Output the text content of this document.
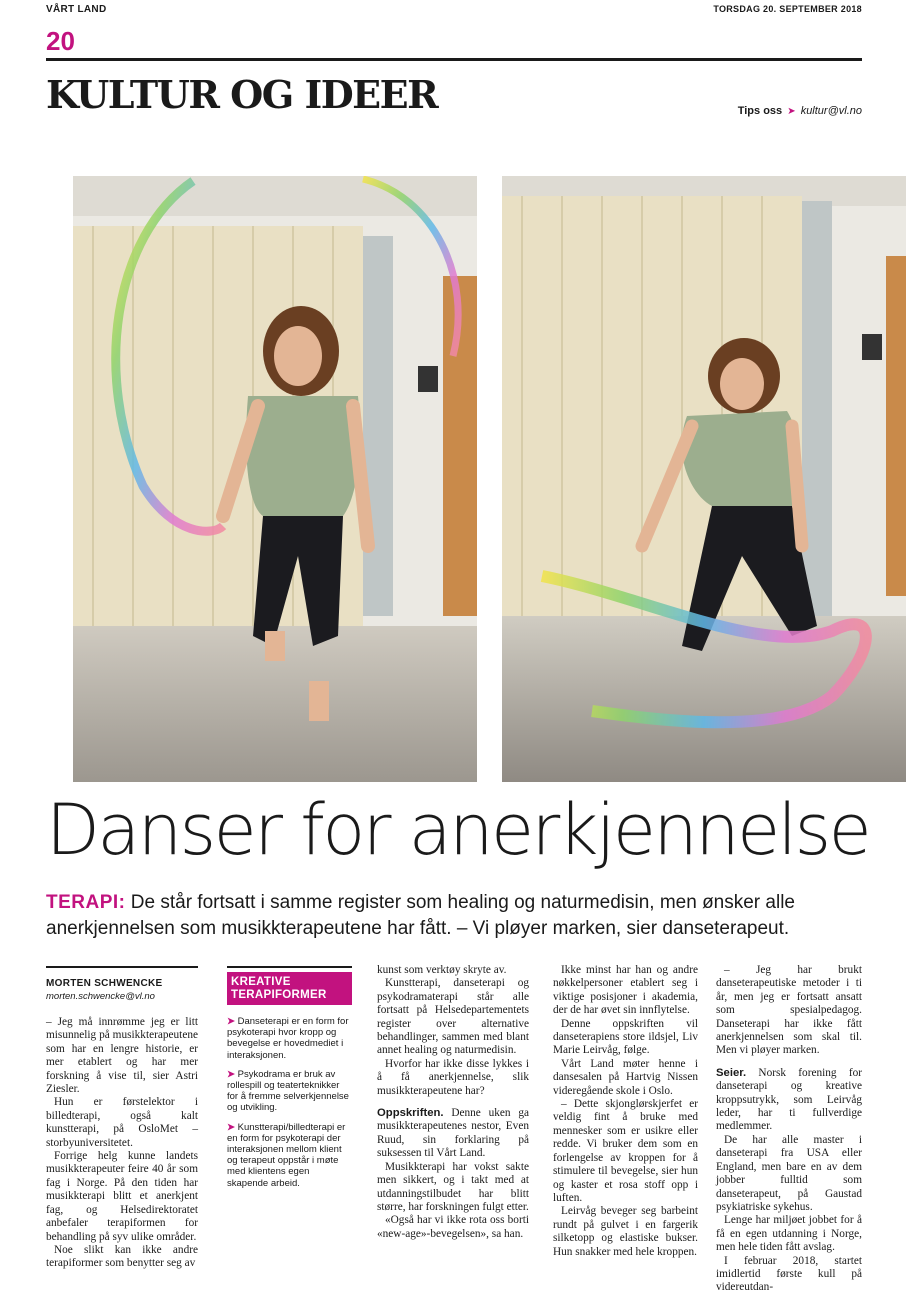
VÅRT LAND	TORSDAG 20. SEPTEMBER 2018
20
KULTUR OG IDEER	Tips oss ➤ kultur@vl.no
Danser for anerkjennelse
TERAPI: De står fortsatt i samme register som healing og naturmedisin, men ønsker alle anerkjennelsen som musikkterapeutene har fått. – Vi pløyer marken, sier danseterapeut.
MORTEN SCHWENCKE
morten.schwencke@vl.no

– Jeg må innrømme jeg er litt misunnelig på musikkterapeutene som har en lengre historie, er mer etablert og har mer forskning å vise til, sier Astri Ziesler.

Hun er førstelektor i billedterapi, også kalt kunstterapi, på OsloMet – storbyuniversitetet.

Forrige helg kunne landets musikkterapeuter feire 40 år som fag i Norge. På den tiden har musikkterapi blitt et anerkjent fag, og Helsedirektoratet anbefaler terapiformen for behandling på syv ulike områder.

Noe slikt kan ikke andre terapiformer som benytter seg av

KREATIVE TERAPIFORMER
➤ Danseterapi er en form for psykoterapi hvor kropp og bevegelse er hovedmediet i interaksjonen.
➤ Psykodrama er bruk av rollespill og teaterteknikker for å fremme selverkjennelse og utvikling.
➤ Kunstterapi/billedterapi er en form for psykoterapi der interaksjonen mellom klient og terapeut oppstår i møte med klientens egen skapende arbeid.

kunst som verktøy skryte av.

Kunstterapi, danseterapi og psykodramaterapi står alle fortsatt på Helsedepartementets register over alternative behandlinger, sammen med blant annet healing og naturmedisin.

Hvorfor har ikke disse lykkes i å få anerkjennelse, slik musikkterapeutene har?

Oppskriften. Denne uken ga musikkterapeutenes nestor, Even Ruud, sin forklaring på suksessen til Vårt Land.

Musikkterapi har vokst sakte men sikkert, og i takt med at utdanningstilbudet har blitt større, har forskningen fulgt etter.

«Også har vi ikke rota oss borti «new-age»-bevegelsen», sa han.

Ikke minst har han og andre nøkkelpersoner etablert seg i viktige posisjoner i akademia, der de har øvet sin innflytelse.

Denne oppskriften vil danseterapiens store ildsjel, Liv Marie Leirvåg, følge.

Vårt Land møter henne i dansesalen på Hartvig Nissen videregående skole i Oslo.

– Dette skjonglørskjerfet er veldig fint å bruke med mennesker som er usikre eller redde. Vi bruker dem som en forlengelse av kroppen for å stimulere til bevegelse, sier hun og kaster et rosa stoff opp i luften.

Leirvåg beveger seg barbeint rundt på gulvet i en fargerik silketopp og elastiske bukser. Hun snakker med hele kroppen.

– Jeg har brukt danseterapeutiske metoder i ti år, men jeg er fortsatt ansatt som spesialpedagog. Danseterapi har ikke fått anerkjennelsen som skal til. Men vi pløyer marken.

Seier. Norsk forening for danseterapi og kreative kroppsutrykk, som Leirvåg leder, har ti fullverdige medlemmer.

De har alle master i danseterapi fra USA eller England, men bare en av dem jobber fulltid som danseterapeut, på Gaustad psykiatriske sykehus.

Lenge har miljøet jobbet for å få en egen utdanning i Norge, men hele tiden fått avslag.

I februar 2018, startet imidlertid første kull på videreutdan-
